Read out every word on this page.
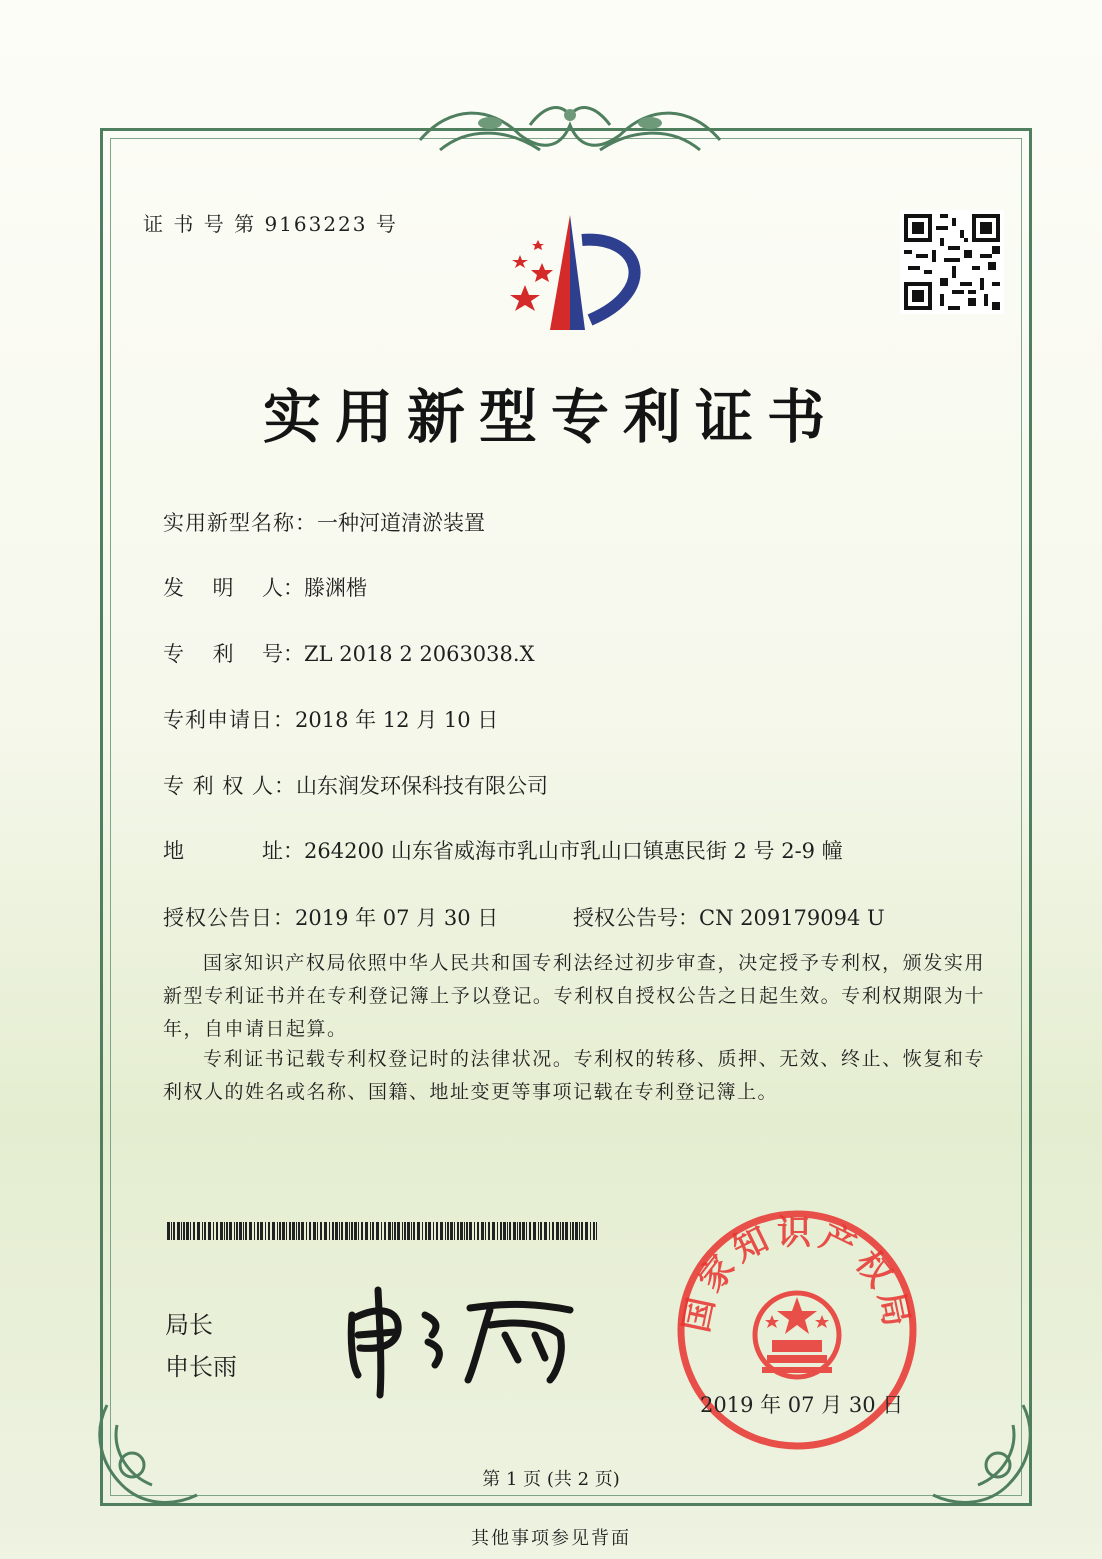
证 书 号 第 9163223 号
实用新型专利证书
实用新型名称：一种河道清淤装置
发 明 人 ：滕渊楷
专 利 号 ：ZL 2018 2 2063038.X
专利申请日：2018 年 12 月 10 日
专 利 权 人：山东润发环保科技有限公司
地	址 ：264200 山东省威海市乳山市乳山口镇惠民街 2 号 2-9 幢
授权公告日：2019 年 07 月 30 日	授权公告号：CN 209179094 U
国家知识产权局依照中华人民共和国专利法经过初步审查，决定授予专利权，颁发实用新型专利证书并在专利登记簿上予以登记。专利权自授权公告之日起生效。专利权期限为十年，自申请日起算。
专利证书记载专利权登记时的法律状况。专利权的转移、质押、无效、终止、恢复和专利权人的姓名或名称、国籍、地址变更等事项记载在专利登记簿上。
局长
申长雨
国家知识产权局
2019 年 07 月 30 日
第 1 页 (共 2 页)
其他事项参见背面
